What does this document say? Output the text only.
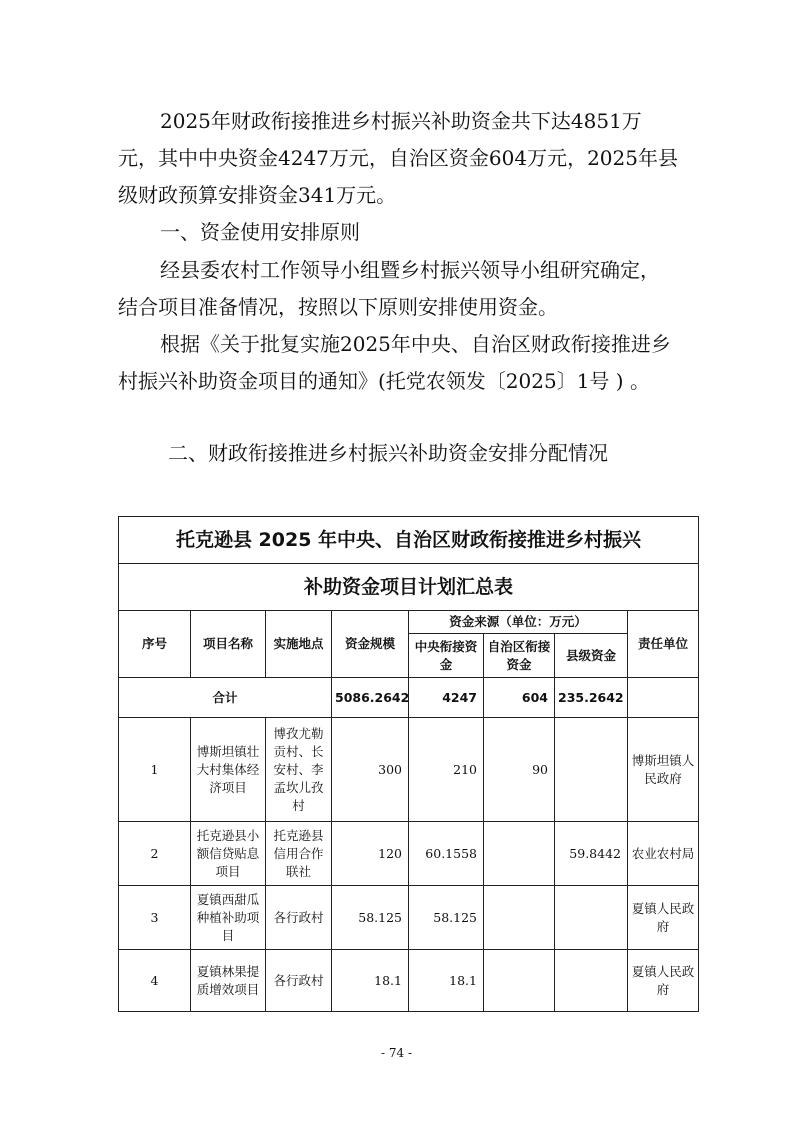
2025年财政衔接推进乡村振兴补助资金共下达4851万元，其中中央资金4247万元，自治区资金604万元，2025年县级财政预算安排资金341万元。

一、资金使用安排原则

经县委农村工作领导小组暨乡村振兴领导小组研究确定，结合项目准备情况，按照以下原则安排使用资金。

根据《关于批复实施2025年中央、自治区财政衔接推进乡村振兴补助资金项目的通知》(托党农领发〔2025〕1号 ) 。

二、财政衔接推进乡村振兴补助资金安排分配情况

托克逊县 2025 年中央、自治区财政衔接推进乡村振兴							

补助资金项目计划汇总表							

序号	项目名称	实施地点	资金规模	资金来源（单位：万元）			责任单位
				中央衔接资金	自治区衔接资金	县级资金	
合计			5086.2642	4247	604	235.2642	
1	博斯坦镇壮大村集体经济项目	博孜尤勒贡村、长安村、李孟坎儿孜村	300	210	90		博斯坦镇人民政府
2	托克逊县小额信贷贴息项目	托克逊县信用合作联社	120	60.1558		59.8442	农业农村局
3	夏镇西甜瓜种植补助项目	各行政村	58.125	58.125			夏镇人民政府
4	夏镇林果提质增效项目	各行政村	18.1	18.1			夏镇人民政府
- 74 -
